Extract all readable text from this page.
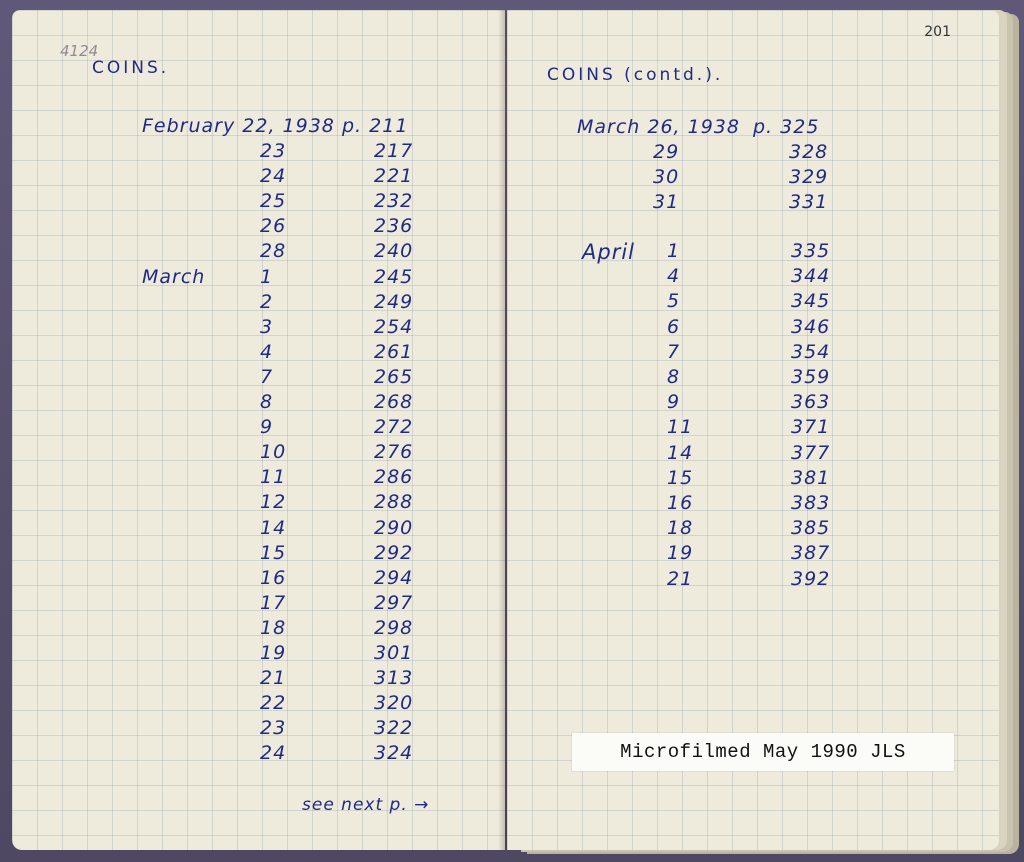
4124
COINS.
February 22, 1938 p. 211
23	217
24	221
25	232
26	236
28	240
March	1	245
2	249
3	254
4	261
7	265
8	268
9	272
10	276
11	286
12	288
14	290
15	292
16	294
17	297
18	298
19	301
21	313
22	320
23	322
24	324
see next p. →
201
COINS (contd.).
March 26, 1938 p. 325
29	328
30	329
31	331
April 1	335
4	344
5	345
6	346
7	354
8	359
9	363
11	371
14	377
15	381
16	383
18	385
19	387
21	392
Microfilmed May 1990 JLS
